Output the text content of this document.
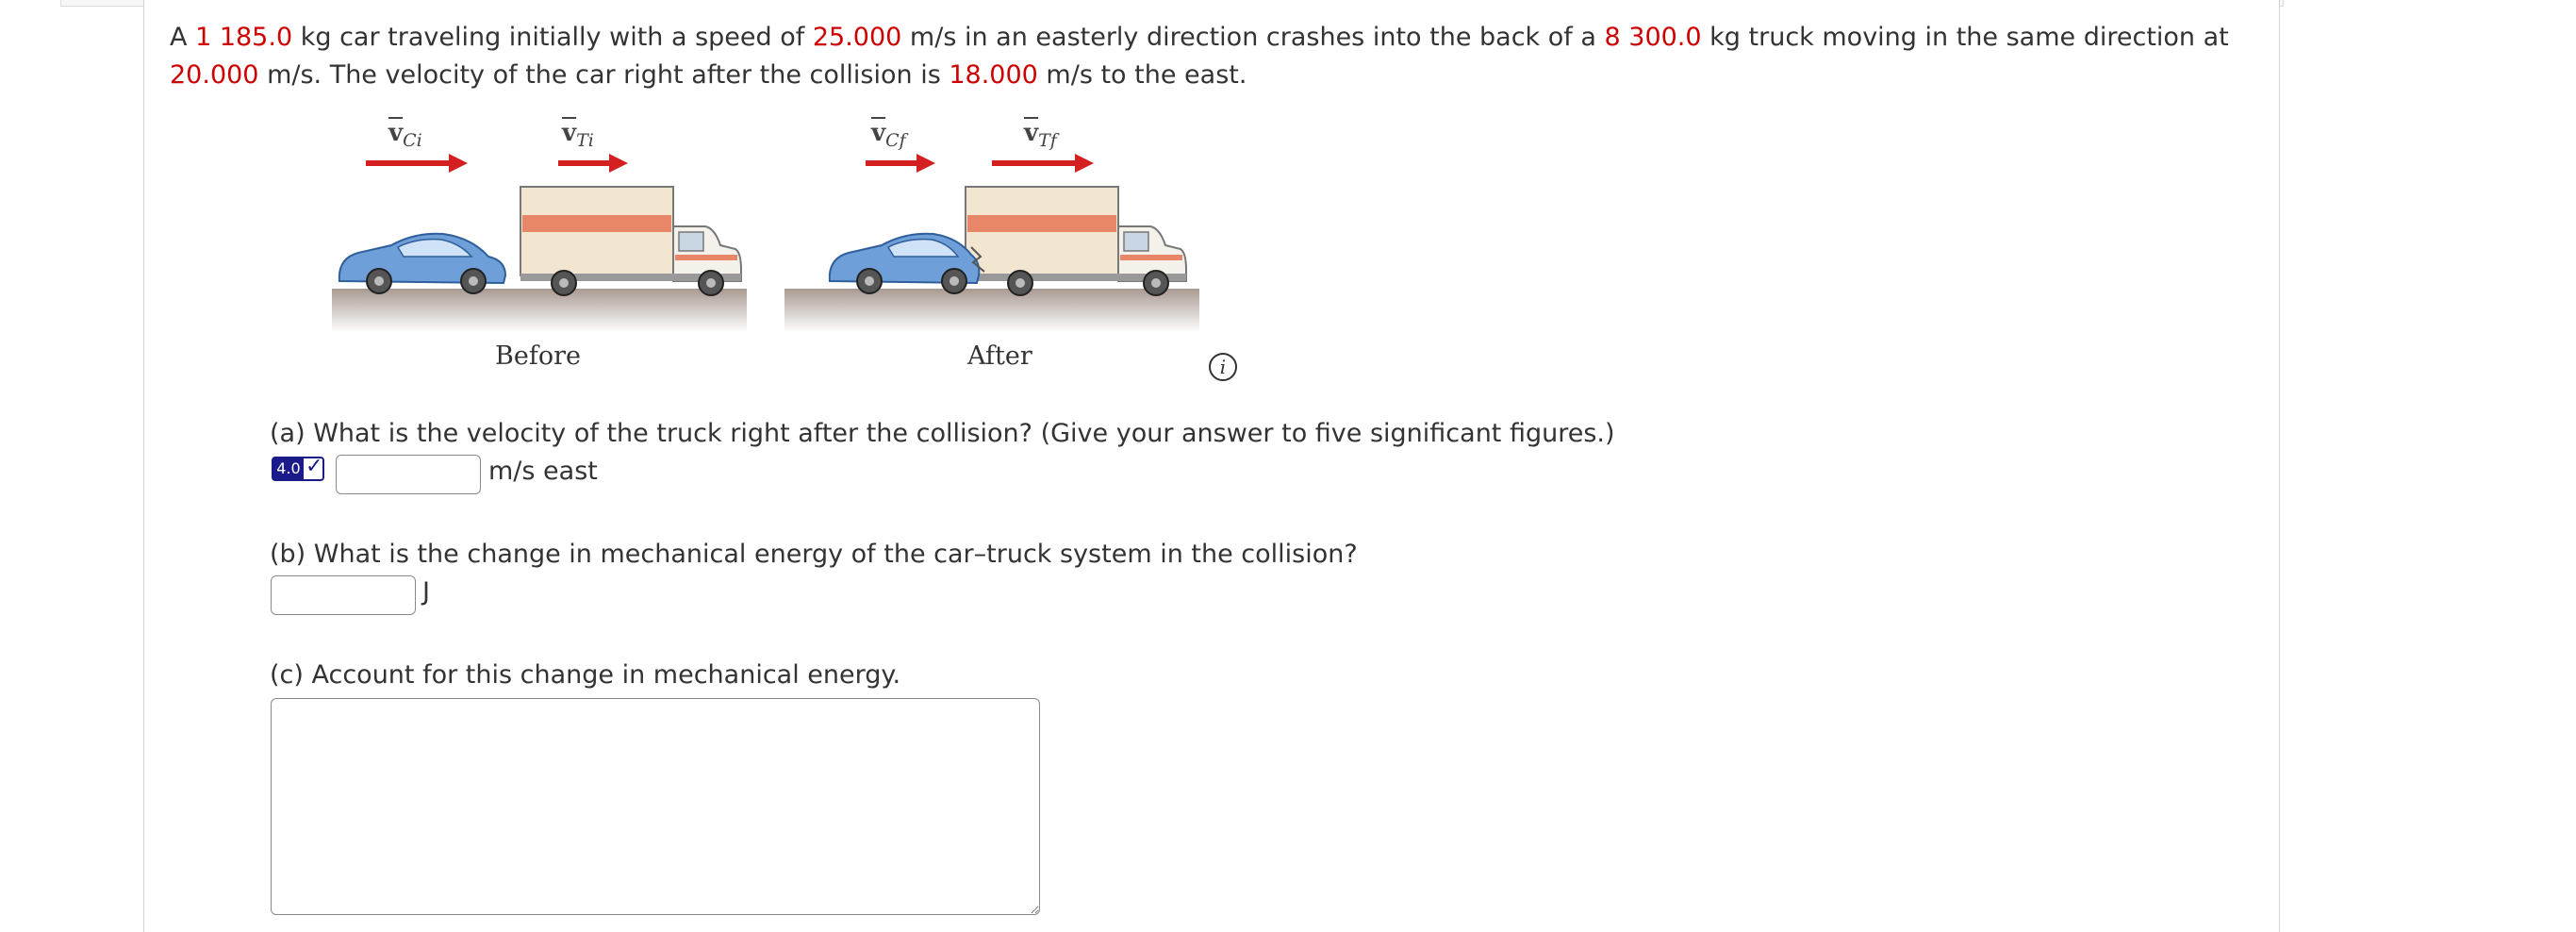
A 1 185.0 kg car traveling initially with a speed of 25.000 m/s in an easterly direction crashes into the back of a 8 300.0 kg truck moving in the same direction at 20.000 m/s. The velocity of the car right after the collision is 18.000 m/s to the east.
$\overline{v}_{Ci}$	$\overline{v}_{Ti}$	$\overline{v}_{Cf}$	$\overline{v}_{Tf}$
Before	After	i
(a) What is the velocity of the truck right after the collision? (Give your answer to five significant figures.)
4.0 ✓	m/s east
(b) What is the change in mechanical energy of the car–truck system in the collision?
J
(c) Account for this change in mechanical energy.
